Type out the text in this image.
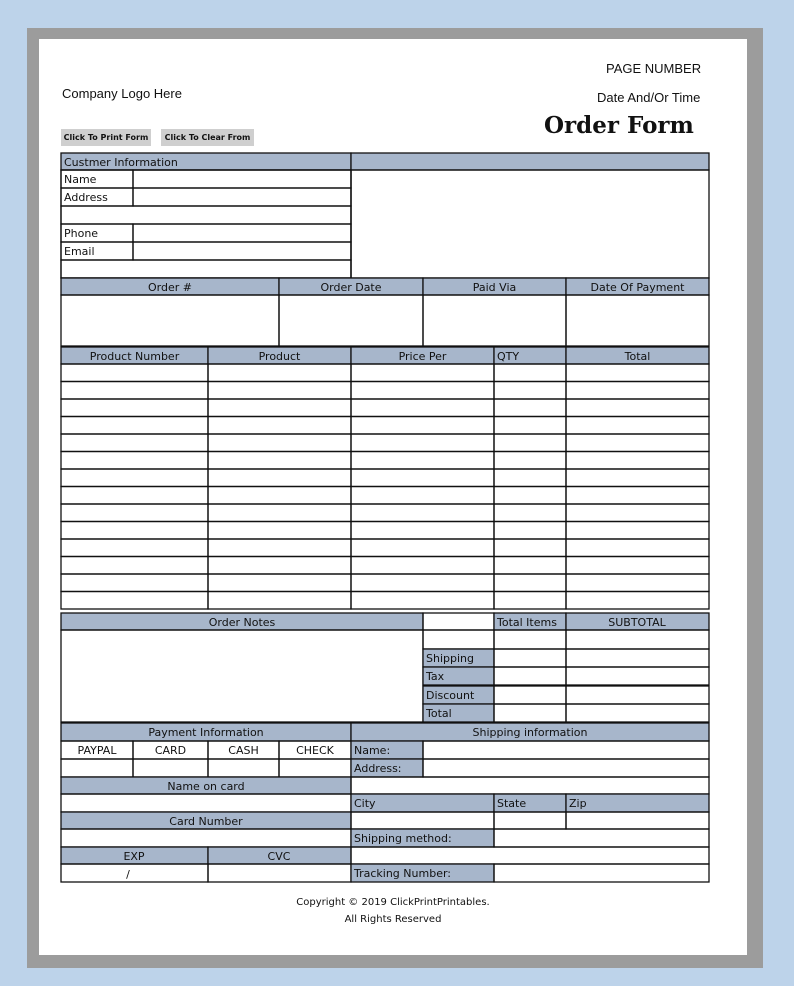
PAGE NUMBER
Company Logo Here	Date And/Or Time
Order Form
Click To Print Form	Click To Clear From
Custmer Information
Name
Address
Phone
Email
Order #	Order Date	Paid Via	Date Of Payment
Product Number	Product	Price Per	QTY	Total
Order Notes	Total Items	SUBTOTAL
Shipping
Tax
Discount
Total
Payment Information
PAYPAL	CARD	CASH	CHECK
Name on card
Card Number
EXP	CVC
/
Shipping information
Name:
Address:
City	State	Zip
Shipping method:
Tracking Number:
Copyright © 2019 ClickPrintPrintables.
All Rights Reserved
